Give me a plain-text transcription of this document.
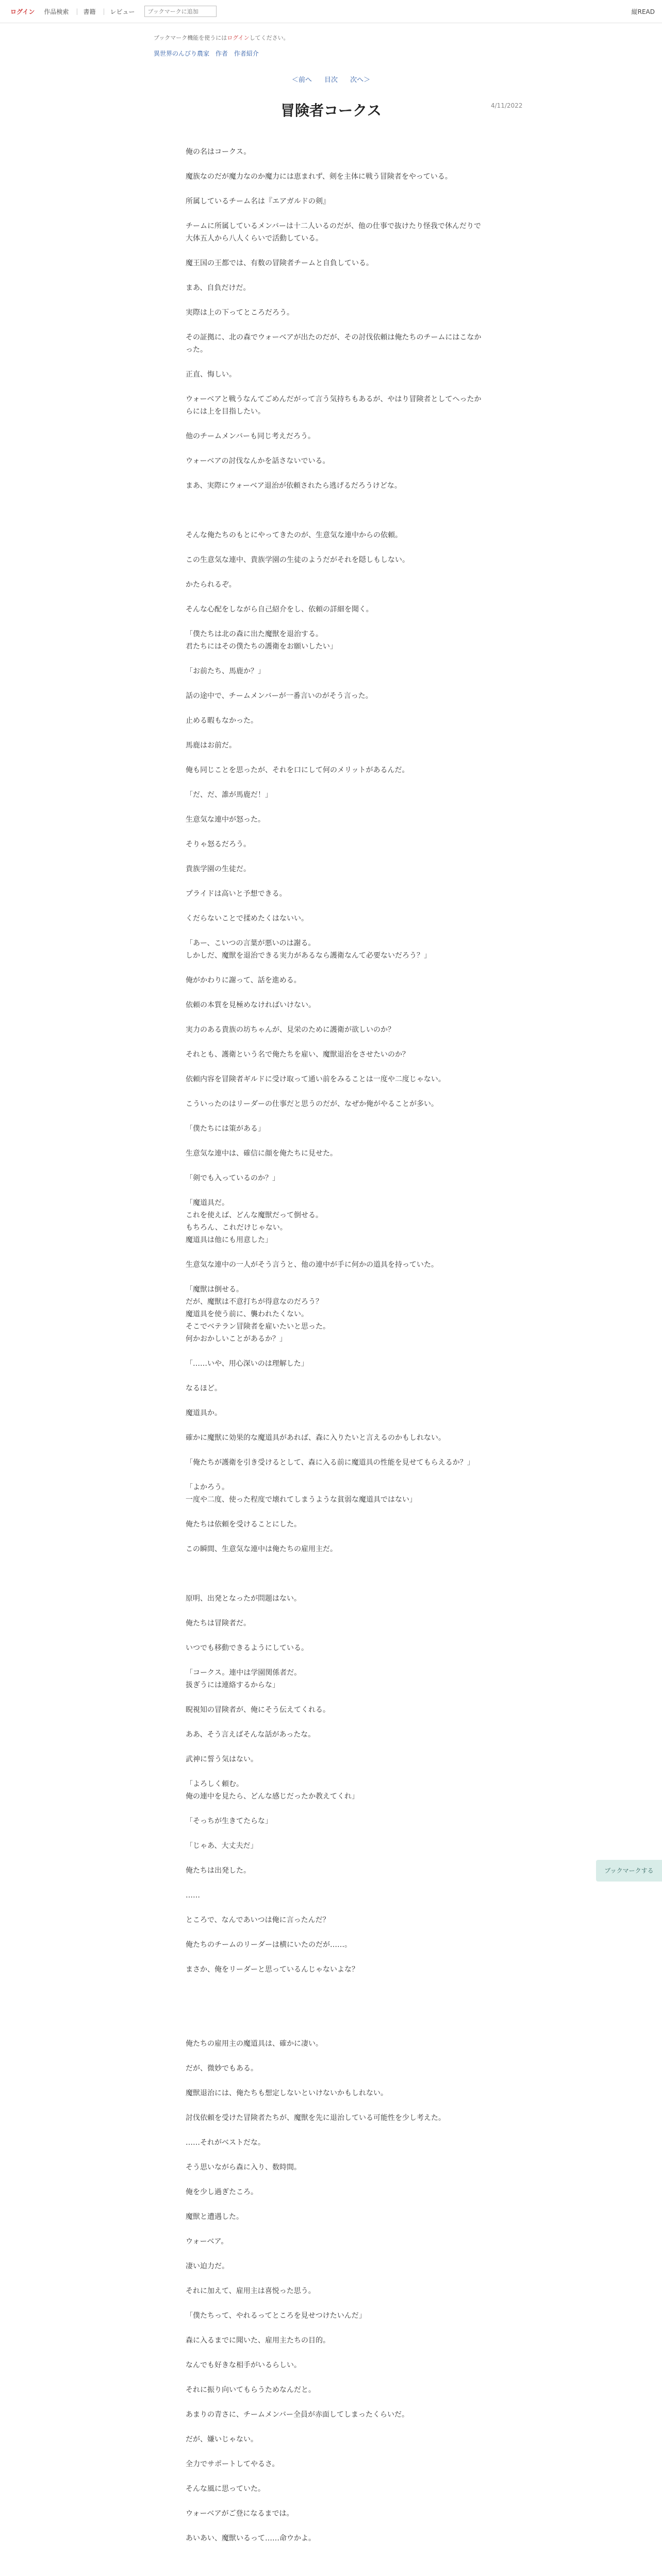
ログイン	作品検索	| 書籍	| レビュー
ブックマークに追加	縦READ
ブックマーク機能を使うにはログインしてください。
異世界のんびり農家 作者 作者紹介
＜前へ 目次 次へ＞
4/11/2022
冒険者コークス

俺の名はコークス。

魔族なのだが魔力なのか魔力には恵まれず、剣を主体に戦う冒険者をやっている。

所属しているチーム名は『エアガルドの剣』

チームに所属しているメンバーは十二人いるのだが、他の仕事で抜けたり怪我で休んだりで大体五人から八人くらいで活動している。

魔王国の王都では、有数の冒険者チームと自負している。

まあ、自負だけだ。

実際は上の下ってところだろう。

その証拠に、北の森でウォーベアが出たのだが、その討伐依頼は俺たちのチームにはこなかった。

正直、悔しい。

ウォーベアと戦うなんてごめんだがって言う気持ちもあるが、やはり冒険者としてへったからには上を目指したい。

他のチームメンバーも同じ考えだろう。

ウォーベアの討伐なんかを話さないでいる。

まあ、実際にウォーベア退治が依頼されたら逃げるだろうけどな。

そんな俺たちのもとにやってきたのが、生意気な連中からの依頼。

この生意気な連中、貴族学園の生徒のようだがそれを隠しもしない。

かたられるぞ。

そんな心配をしながら自己紹介をし、依頼の詳細を聞く。

「僕たちは北の森に出た魔獣を退治する。

君たちにはその僕たちの護衛をお願いしたい」

「お前たち、馬鹿か？」

話の途中で、チームメンバーが一番言いのがそう言った。

止める暇もなかった。

馬鹿はお前だ。

俺も同じことを思ったが、それを口にして何のメリットがあるんだ。

「だ、だ、誰が馬鹿だ！」

生意気な連中が怒った。

そりゃ怒るだろう。

貴族学園の生徒だ。

プライドは高いと予想できる。

くだらないことで揉めたくはないい。

「あー、こいつの言葉が悪いのは謝る。

しかしだ、魔獣を退治できる実力があるなら護衛なんて必要ないだろう？」

俺がかわりに謝って、話を進める。

依頼の本質を見極めなければいけない。

実力のある貴族の坊ちゃんが、見栄のために護衛が欲しいのか？

それとも、護衛という名で俺たちを雇い、魔獣退治をさせたいのか？

依頼内容を冒険者ギルドに受け取って通い前をみることは一度や二度じゃない。

こういったのはリーダーの仕事だと思うのだが、なぜか俺がやることが多い。

「僕たちには策がある」

生意気な連中は、確信に顔を俺たちに見せた。

「剣でも入っているのか？」

「魔道具だ。

これを使えば、どんな魔獣だって倒せる。

もちろん、これだけじゃない。

魔道具は他にも用意した」

生意気な連中の一人がそう言うと、他の連中が手に何かの道具を持っていた。

「魔獣は倒せる。

だが、魔獣は不意打ちが得意なのだろう？

魔道具を使う前に、襲われたくない。

そこでベテラン冒険者を雇いたいと思った。

何かおかしいことがあるか？」

「……いや、用心深いのは理解した」

なるほど。

魔道具か。

確かに魔獣に効果的な魔道具があれば、森に入りたいと言えるのかもしれない。

「俺たちが護衛を引き受けるとして、森に入る前に魔道具の性能を見せてもらえるか？」

「よかろう。

一度や二度、使った程度で壊れてしまうような貧弱な魔道具ではない」

俺たちは依頼を受けることにした。

この瞬間、生意気な連中は俺たちの雇用主だ。

原明、出発となったが問題はない。

俺たちは冒険者だ。

いつでも移動できるようにしている。

「コークス。連中は学園関係者だ。

扱ぎうには連絡するからな」

睨視知の冒険者が、俺にそう伝えてくれる。

ああ、そう言えばそんな話があったな。

武神に誓う気はない。

「よろしく頼む。

俺の連中を見たら、どんな感じだったか教えてくれ」

「そっちが生きてたらな」

「じゃあ、大丈夫だ」

俺たちは出発した。

……

ところで、なんであいつは俺に言ったんだ？

俺たちのチームのリーダーは横にいたのだが……。

まさか、俺をリーダーと思っているんじゃないよな？

俺たちの雇用主の魔道具は、確かに凄い。

だが、微妙でもある。

魔獣退治には、俺たちも想定しないといけないかもしれない。

討伐依頼を受けた冒険者たちが、魔獣を先に退治している可能性を少し考えた。

……それがベストだな。

そう思いながら森に入り、数時間。

俺を少し過ぎたころ。

魔獣と遭遇した。

ウォーベア。

凄い迫力だ。

それに加えて、雇用主は喜悦った思う。

「僕たちって、やれるってところを見せつけたいんだ」

森に入るまでに聞いた、雇用主たちの目的。

なんでも好きな相手がいるらしい。

それに振り向いてもらうためなんだと。

あまりの青さに、チームメンバー全員が赤面してしまったくらいだ。

だが、嫌いじゃない。

全力でサポートしてやるさ。

そんな風に思っていた。

ウォーベアがご登になるまでは。

あいあい、魔獣いるって……命ウかよ。

ブックマークする
